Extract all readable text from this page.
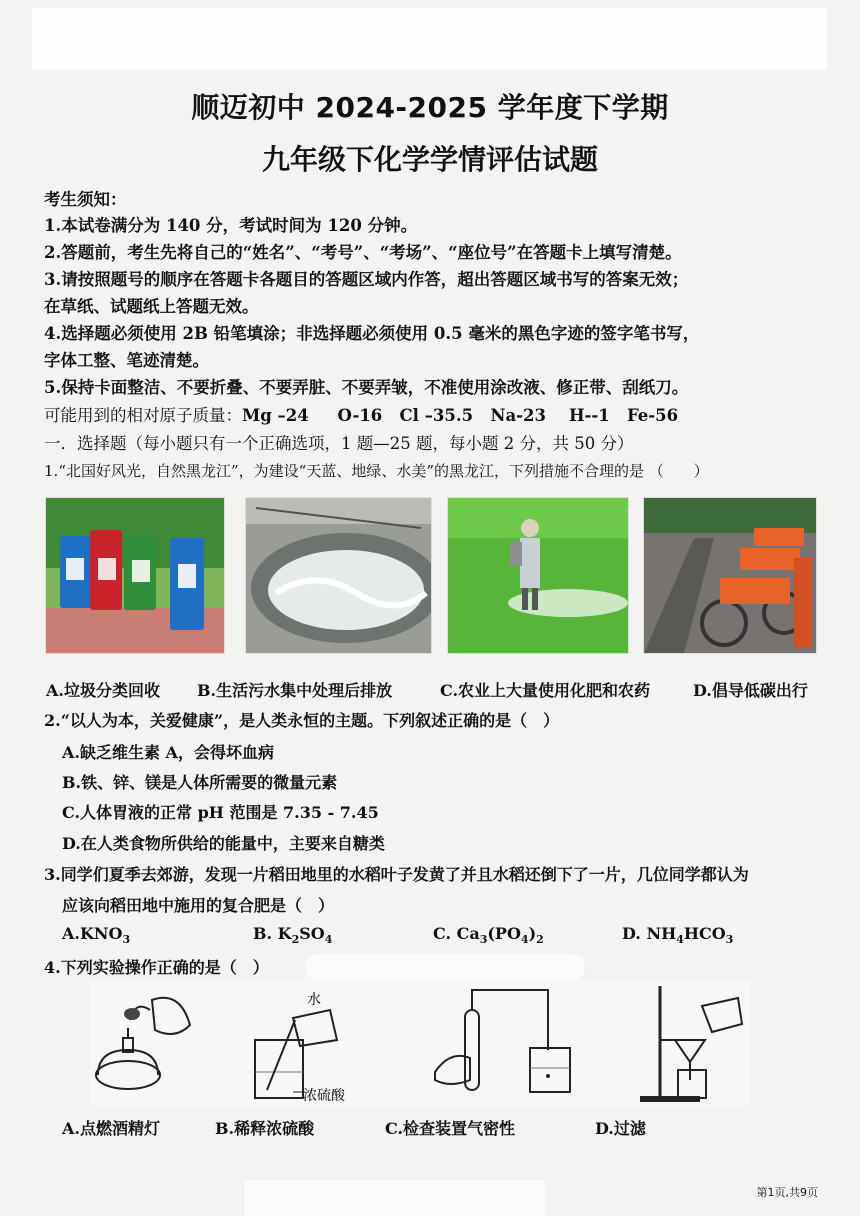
顺迈初中 2024-2025 学年度下学期
九年级下化学学情评估试题
考生须知：
1.本试卷满分为 140 分，考试时间为 120 分钟。
2.答题前，考生先将自己的“姓名”、“考号”、“考场”、“座位号”在答题卡上填写清楚。
3.请按照题号的顺序在答题卡各题目的答题区域内作答，超出答题区域书写的答案无效；
在草纸、试题纸上答题无效。
4.选择题必须使用 2B 铅笔填涂；非选择题必须使用 0.5 毫米的黑色字迹的签字笔书写，
字体工整、笔迹清楚。
5.保持卡面整洁、不要折叠、不要弄脏、不要弄皱，不准使用涂改液、修正带、刮纸刀。
可能用到的相对原子质量：Mg –24 O-16 Cl –35.5 Na-23 H--1 Fe-56
一．选择题（每小题只有一个正确选项，1 题—25 题，每小题 2 分，共 50 分）
1.“北国好风光，自然黑龙江”，为建设“天蓝、地绿、水美”的黑龙江，下列措施不合理的是 （　　）
A.垃圾分类回收 B.生活污水集中处理后排放	C.农业上大量使用化肥和农药	D.倡导低碳出行
2.“以人为本，关爱健康”，是人类永恒的主题。下列叙述正确的是（　）
A.缺乏维生素 A，会得坏血病
B.铁、锌、镁是人体所需要的微量元素
C.人体胃液的正常 pH 范围是 7.35 - 7.45
D.在人类食物所供给的能量中，主要来自糖类
3.同学们夏季去郊游，发现一片稻田地里的水稻叶子发黄了并且水稻还倒下了一片，几位同学都认为
应该向稻田地中施用的复合肥是（　）
$A.KNO_3$	B. $K_2SO_4$	C. $Ca_3(PO_4)_2$	D. $NH_4HCO_3$
4.下列实验操作正确的是（　）
水
浓硫酸
A.点燃酒精灯	B.稀释浓硫酸	C.检查装置气密性	D.过滤
第1页,共9页
